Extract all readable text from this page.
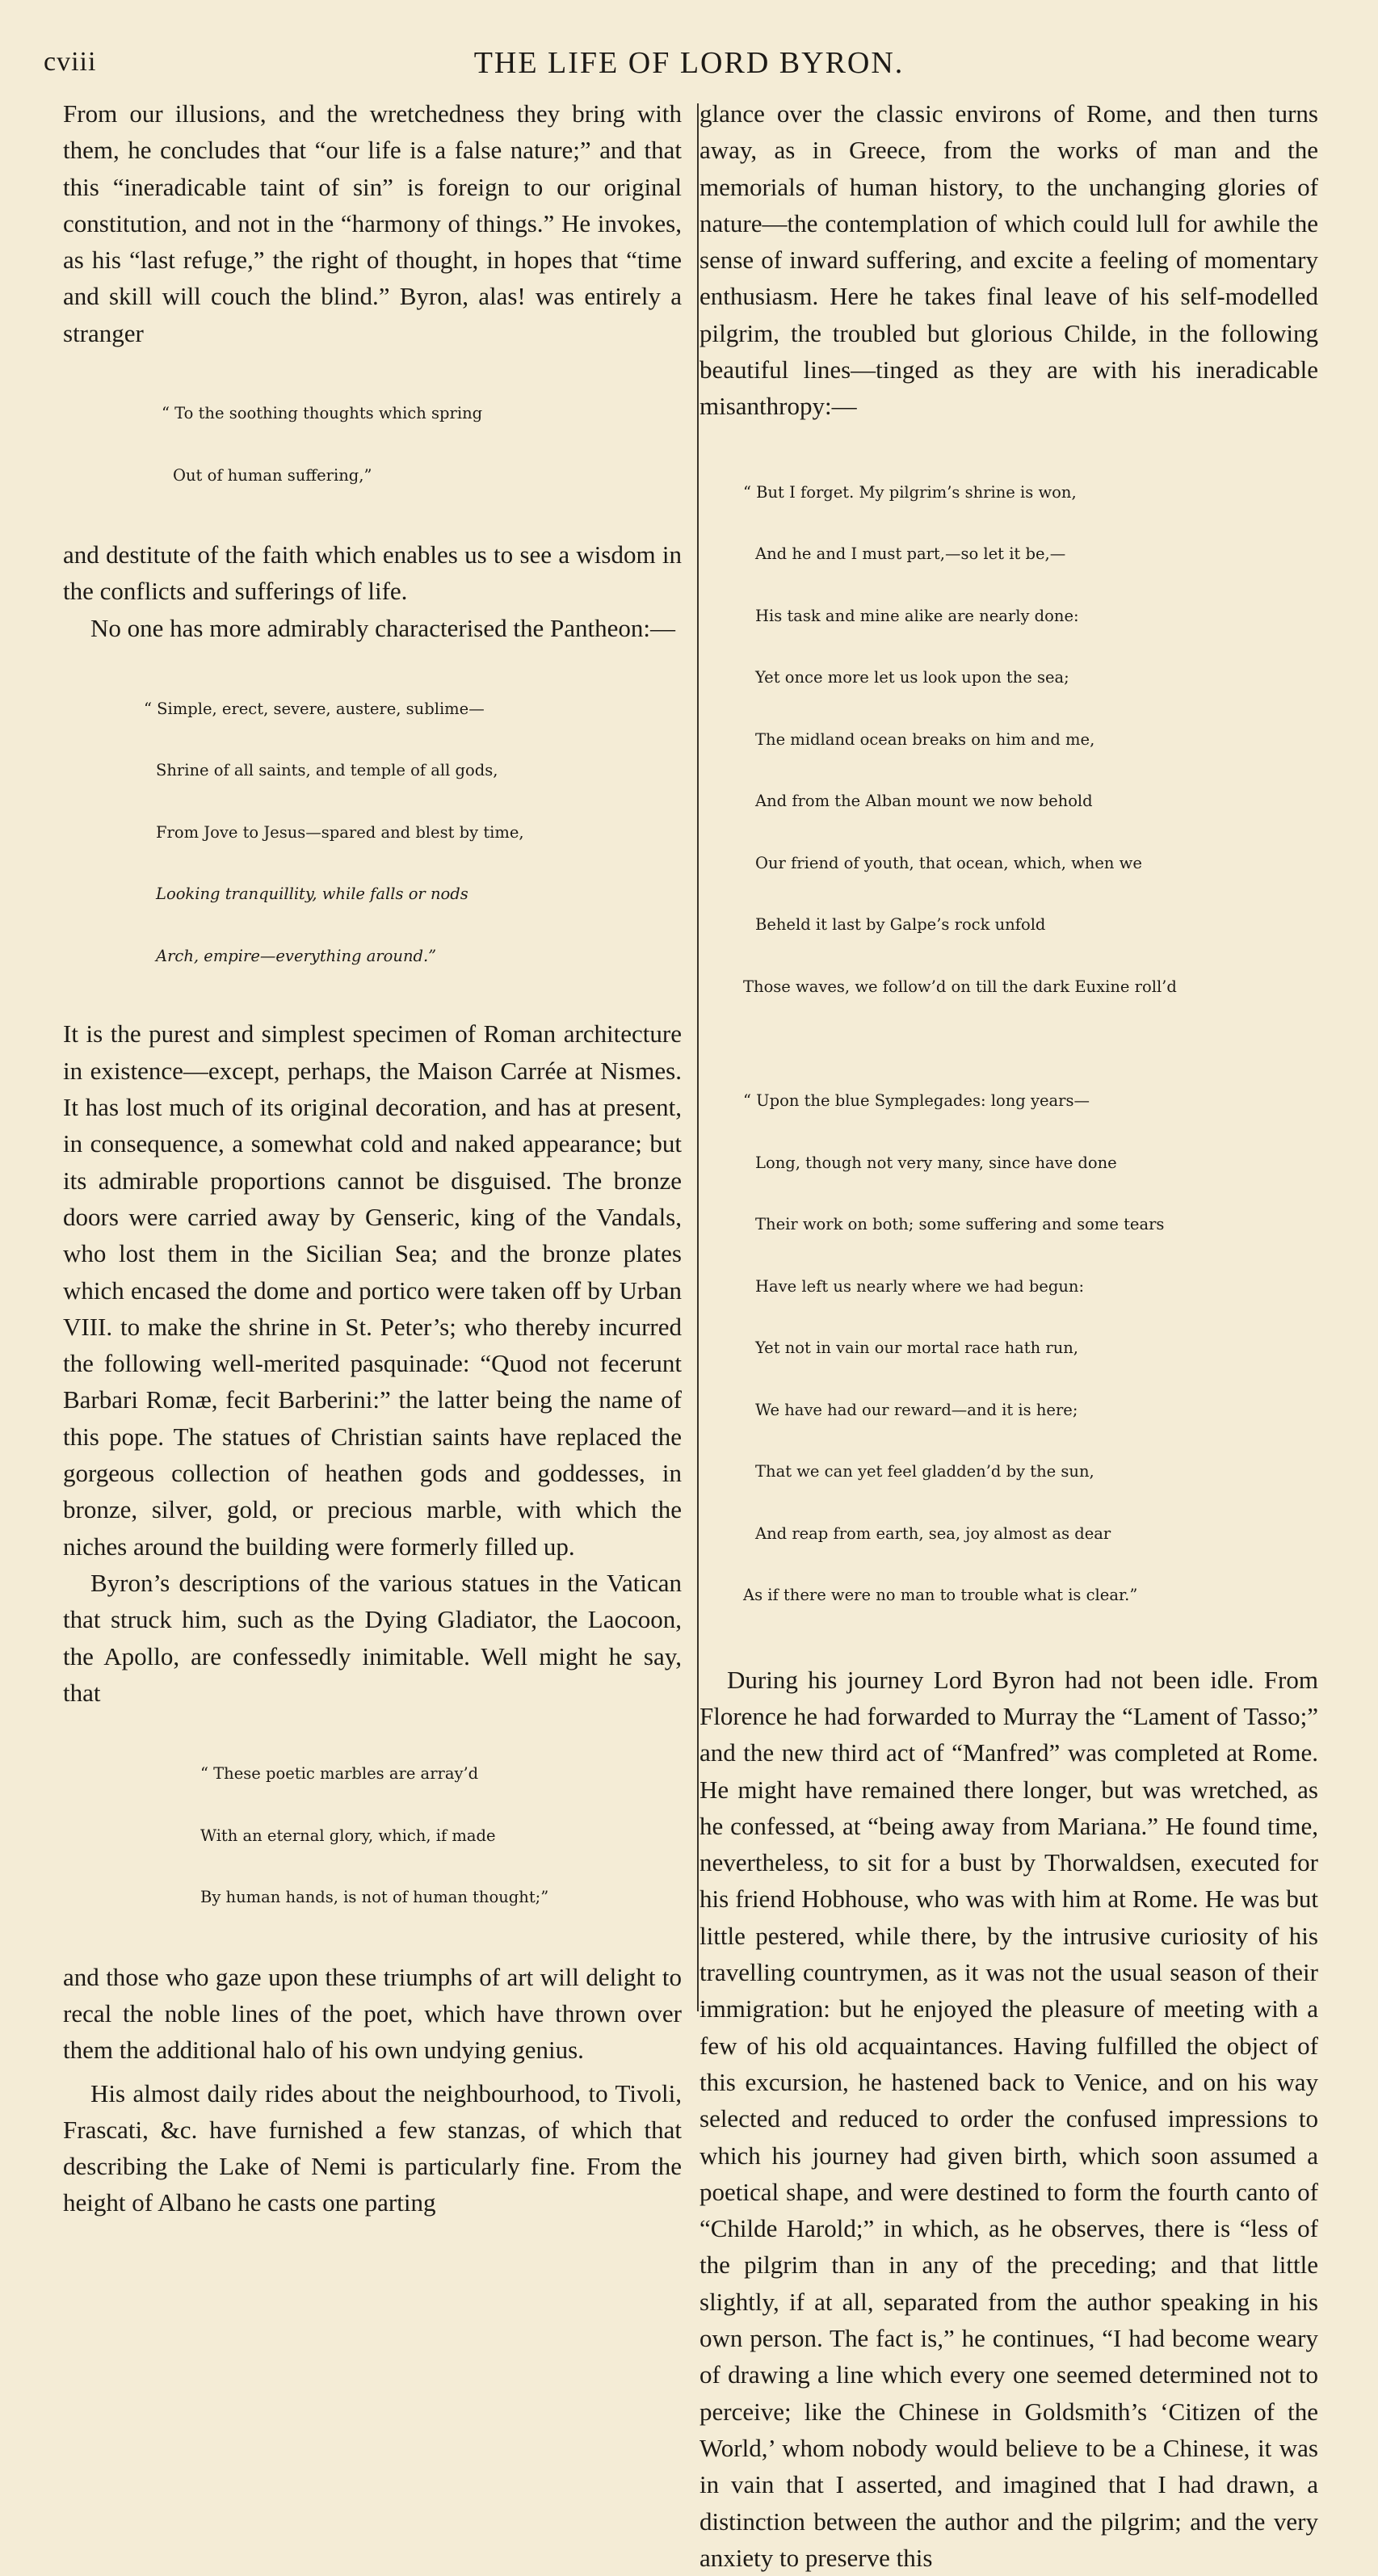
cviii	THE LIFE OF LORD BYRON.

From our illusions, and the wretchedness they bring with them, he concludes that “our life is a false nature;” and that this “ineradicable taint of sin” is foreign to our original constitution, and not in the “harmony of things.” He invokes, as his “last refuge,” the right of thought, in hopes that “time and skill will couch the blind.” Byron, alas! was entirely a stranger

“ To the soothing thoughts which spring

Out of human suffering,”

and destitute of the faith which enables us to see a wisdom in the conflicts and sufferings of life.

No one has more admirably characterised the Pantheon:—

“ Simple, erect, severe, austere, sublime—

Shrine of all saints, and temple of all gods,

From Jove to Jesus—spared and blest by time,

Looking tranquillity, while falls or nods

Arch, empire—everything around.”

It is the purest and simplest specimen of Roman architecture in existence—except, perhaps, the Maison Carrée at Nismes. It has lost much of its original decoration, and has at present, in consequence, a somewhat cold and naked appearance; but its admirable proportions cannot be disguised. The bronze doors were carried away by Genseric, king of the Vandals, who lost them in the Sicilian Sea; and the bronze plates which encased the dome and portico were taken off by Urban VIII. to make the shrine in St. Peter’s; who thereby incurred the following well-merited pasquinade: “Quod not fecerunt Barbari Romæ, fecit Barberini:” the latter being the name of this pope. The statues of Christian saints have replaced the gorgeous collection of heathen gods and goddesses, in bronze, silver, gold, or precious marble, with which the niches around the building were formerly filled up.

Byron’s descriptions of the various statues in the Vatican that struck him, such as the Dying Gladiator, the Laocoon, the Apollo, are confessedly inimitable. Well might he say, that

“ These poetic marbles are array’d

With an eternal glory, which, if made

By human hands, is not of human thought;”

and those who gaze upon these triumphs of art will delight to recal the noble lines of the poet, which have thrown over them the additional halo of his own undying genius.

His almost daily rides about the neighbourhood, to Tivoli, Frascati, &c. have furnished a few stanzas, of which that describing the Lake of Nemi is particularly fine. From the height of Albano he casts one parting

glance over the classic environs of Rome, and then turns away, as in Greece, from the works of man and the memorials of human history, to the unchanging glories of nature—the contemplation of which could lull for awhile the sense of inward suffering, and excite a feeling of momentary enthusiasm. Here he takes final leave of his self-modelled pilgrim, the troubled but glorious Childe, in the following beautiful lines—tinged as they are with his ineradicable misanthropy:—

“ But I forget. My pilgrim’s shrine is won,

And he and I must part,—so let it be,—

His task and mine alike are nearly done:

Yet once more let us look upon the sea;

The midland ocean breaks on him and me,

And from the Alban mount we now behold

Our friend of youth, that ocean, which, when we

Beheld it last by Galpe’s rock unfold

Those waves, we follow’d on till the dark Euxine roll’d

“ Upon the blue Symplegades: long years—

Long, though not very many, since have done

Their work on both; some suffering and some tears

Have left us nearly where we had begun:

Yet not in vain our mortal race hath run,

We have had our reward—and it is here;

That we can yet feel gladden’d by the sun,

And reap from earth, sea, joy almost as dear

As if there were no man to trouble what is clear.”

During his journey Lord Byron had not been idle. From Florence he had forwarded to Murray the “Lament of Tasso;” and the new third act of “Manfred” was completed at Rome. He might have remained there longer, but was wretched, as he confessed, at “being away from Mariana.” He found time, nevertheless, to sit for a bust by Thorwaldsen, executed for his friend Hobhouse, who was with him at Rome. He was but little pestered, while there, by the intrusive curiosity of his travelling countrymen, as it was not the usual season of their immigration: but he enjoyed the pleasure of meeting with a few of his old acquaintances. Having fulfilled the object of this excursion, he hastened back to Venice, and on his way selected and reduced to order the confused impressions to which his journey had given birth, which soon assumed a poetical shape, and were destined to form the fourth canto of “Childe Harold;” in which, as he observes, there is “less of the pilgrim than in any of the preceding; and that little slightly, if at all, separated from the author speaking in his own person. The fact is,” he continues, “I had become weary of drawing a line which every one seemed determined not to perceive; like the Chinese in Goldsmith’s ‘Citizen of the World,’ whom nobody would believe to be a Chinese, it was in vain that I asserted, and imagined that I had drawn, a distinction between the author and the pilgrim; and the very anxiety to preserve this
